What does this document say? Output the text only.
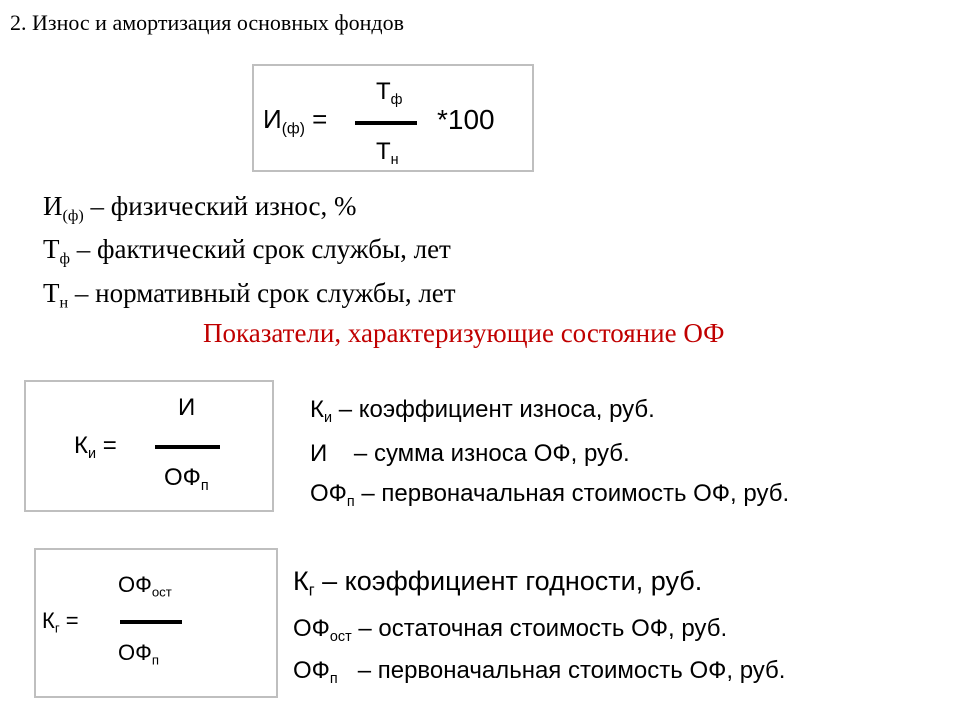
2. Износ и амортизация основных фондов
$И_{(ф)}$ =
$Т_ф$
$Т_н$
*100
$И_{(ф)}$ – физический износ, %
$Т_ф$ – фактический срок службы, лет
$Т_н$ – нормативный срок службы, лет
Показатели, характеризующие состояние ОФ
$К_и$ =
И
$ОФ_п$
$К_и$ – коэффициент износа, руб.
И    – сумма износа ОФ, руб.
$ОФ_п$ – первоначальная стоимость ОФ, руб.
$К_г$ =
$ОФ_{ост}$
$ОФ_п$
$К_г$ – коэффициент годности, руб.
$ОФ_{ост}$ – остаточная стоимость ОФ, руб.
$ОФ_п$   – первоначальная стоимость ОФ, руб.
